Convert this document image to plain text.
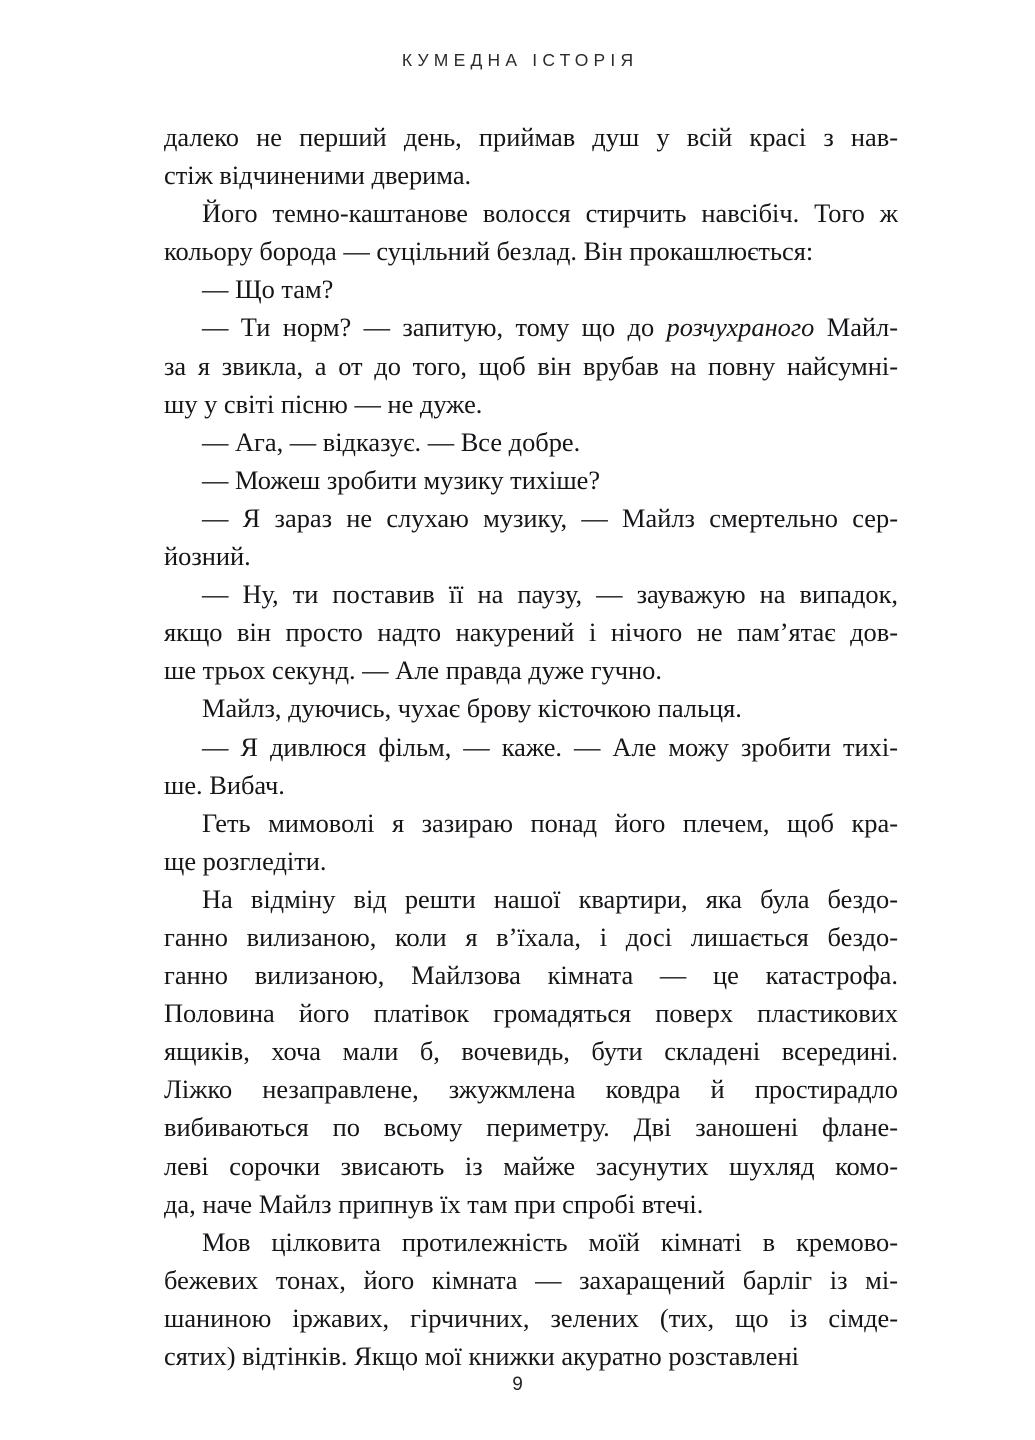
КУМЕДНА ІСТОРІЯ

далеко не перший день, приймав душ у всій красі з нав-
стіж відчиненими дверима.

Його темно-каштанове волосся стирчить навсібіч. Того ж
кольору борода — суцільний безлад. Він прокашлюється:

— Що там?

— Ти норм? — запитую, тому що до розчухраного Майл-
за я звикла, а от до того, щоб він врубав на повну найсумні-
шу у світі пісню — не дуже.

— Ага, — відказує. — Все добре.

— Можеш зробити музику тихіше?

— Я зараз не слухаю музику, — Майлз смертельно сер-
йозний.

— Ну, ти поставив її на паузу, — зауважую на випадок,
якщо він просто надто накурений і нічого не пам’ятає дов-
ше трьох секунд. — Але правда дуже гучно.

Майлз, дуючись, чухає брову кісточкою пальця.

— Я дивлюся фільм, — каже. — Але можу зробити тихі-
ше. Вибач.

Геть мимоволі я зазираю понад його плечем, щоб кра-
ще розгледіти.

На відміну від решти нашої квартири, яка була бездо-
ганно вилизаною, коли я в’їхала, і досі лишається бездо-
ганно вилизаною, Майлзова кімната — це катастрофа.
Половина його платівок громадяться поверх пластикових
ящиків, хоча мали б, вочевидь, бути складені всередині.
Ліжко незаправлене, зжужмлена ковдра й простирадло
вибиваються по всьому периметру. Дві заношені флане-
леві сорочки звисають із майже засунутих шухляд комо-
да, наче Майлз припнув їх там при спробі втечі.

Мов цілковита протилежність моїй кімнаті в кремово-
бежевих тонах, його кімната — захаращений барліг із мі-
шаниною іржавих, гірчичних, зелених (тих, що із сімде-
сятих) відтінків. Якщо мої книжки акуратно розставлені

9
